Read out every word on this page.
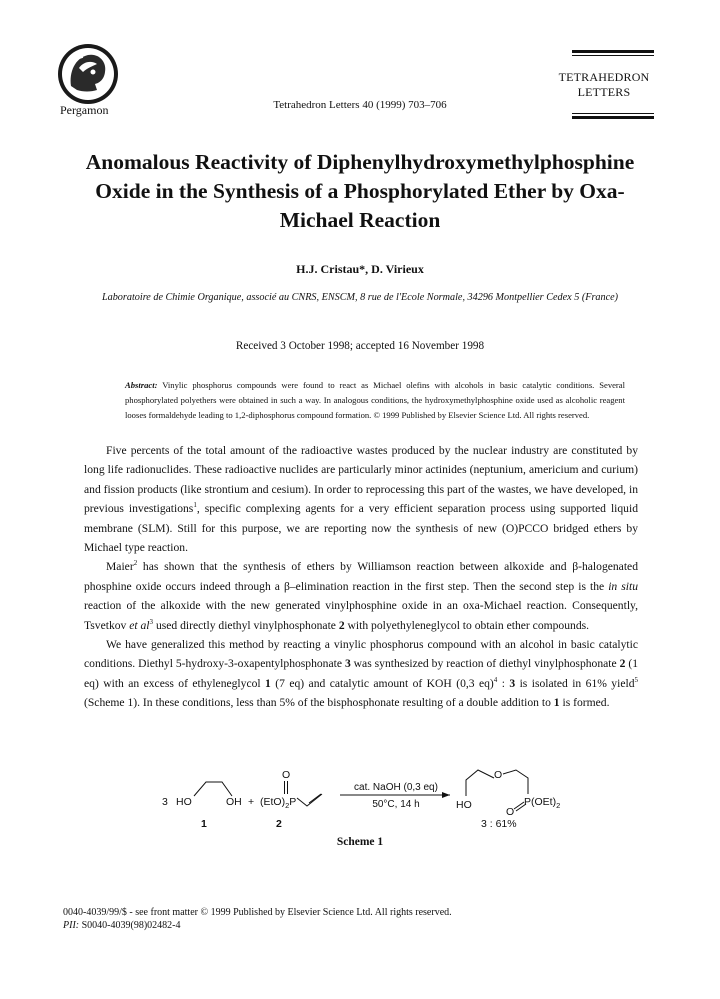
Pergamon	Tetrahedron Letters 40 (1999) 703–706
TETRAHEDRON
LETTERS
Anomalous Reactivity of Diphenylhydroxymethylphosphine Oxide in the Synthesis of a Phosphorylated Ether by Oxa-Michael Reaction
H.J. Cristau*, D. Virieux
Laboratoire de Chimie Organique, associé au CNRS, ENSCM, 8 rue de l'Ecole Normale, 34296 Montpellier Cedex 5 (France)
Received 3 October 1998; accepted 16 November 1998
Abstract: Vinylic phosphorus compounds were found to react as Michael olefins with alcohols in basic catalytic conditions. Several phosphorylated polyethers were obtained in such a way. In analogous conditions, the hydroxymethylphosphine oxide used as alcoholic reagent looses formaldehyde leading to 1,2-diphosphorus compound formation. © 1999 Published by Elsevier Science Ltd. All rights reserved.

Five percents of the total amount of the radioactive wastes produced by the nuclear industry are constituted by long life radionuclides. These radioactive nuclides are particularly minor actinides (neptunium, americium and curium) and fission products (like strontium and cesium). In order to reprocessing this part of the wastes, we have developed, in previous investigations$^1$, specific complexing agents for a very efficient separation process using supported liquid membrane (SLM). Still for this purpose, we are reporting now the synthesis of new (O)PCCO bridged ethers by Michael type reaction.

Maier$^2$ has shown that the synthesis of ethers by Williamson reaction between alkoxide and β-halogenated phosphine oxide occurs indeed through a β–elimination reaction in the first step. Then the second step is the in situ reaction of the alkoxide with the new generated vinylphosphine oxide in an oxa-Michael reaction. Consequently, Tsvetkov et $al^3$ used directly diethyl vinylphosphonate 2 with polyethyleneglycol to obtain ether compounds.

We have generalized this method by reacting a vinylic phosphorus compound with an alcohol in basic catalytic conditions. Diethyl 5-hydroxy-3-oxapentylphosphonate 3 was synthesized by reaction of diethyl vinylphosphonate 2 (1 eq) with an excess of ethyleneglycol 1 (7 eq) and catalytic amount of KOH (0,3 eq)$^4$ : 3 is isolated in 61% yield$^5$ (Scheme 1). In these conditions, less than 5% of the bisphosphonate resulting of a double addition to 1 is formed.

3 HO	OH + $(EtO)_2P$
O
cat. NaOH (0,3 eq)
50°C, 14 h
O
HO	$P(OEt)_2$
O
1	2	3 : 61%
Scheme 1
0040-4039/99/$ - see front matter © 1999 Published by Elsevier Science Ltd. All rights reserved.
PII: S0040-4039(98)02482-4
